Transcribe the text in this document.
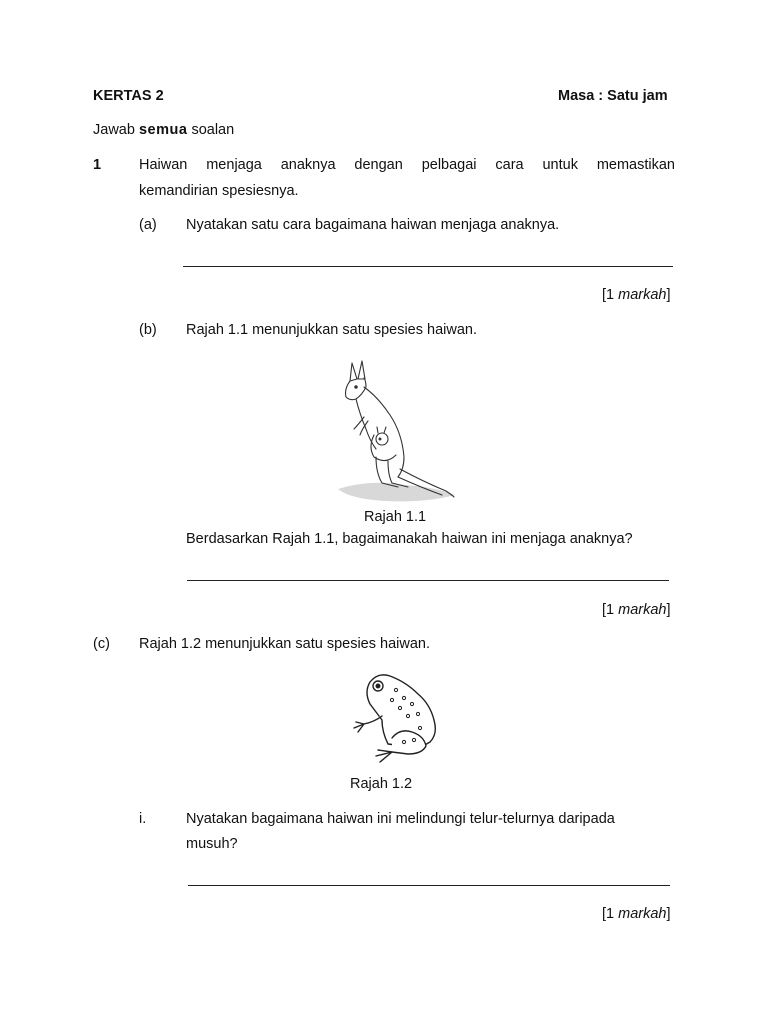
KERTAS 2	Masa : Satu jam
Jawab semua soalan
1	Haiwan menjaga anaknya dengan pelbagai cara untuk memastikan
kemandirian spesiesnya.
(a) Nyatakan satu cara bagaimana haiwan menjaga anaknya.
[1 markah]
(b) Rajah 1.1 menunjukkan satu spesies haiwan.
Rajah 1.1
Berdasarkan Rajah 1.1, bagaimanakah haiwan ini menjaga anaknya?
[1 markah]
(c) Rajah 1.2 menunjukkan satu spesies haiwan.
Rajah 1.2
i.	Nyatakan bagaimana haiwan ini melindungi telur-telurnya daripada
musuh?
[1 markah]
